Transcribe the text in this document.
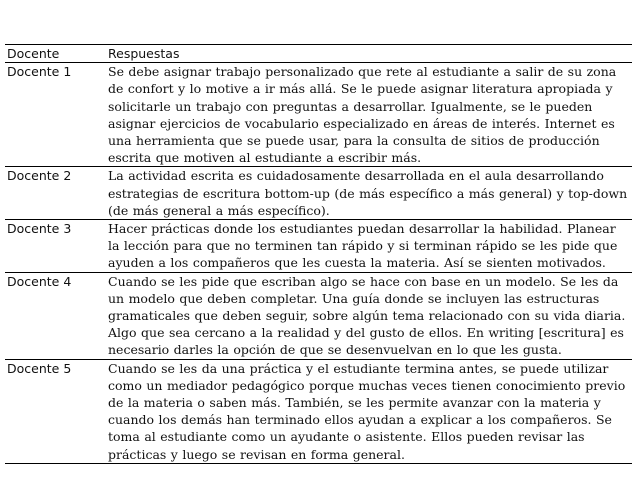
Docente	Respuestas
Docente 1	Se debe asignar trabajo personalizado que rete al estudiante a salir de su zona de confort y lo motive a ir más allá. Se le puede asignar literatura apropiada y solicitarle un trabajo con preguntas a desarrollar. Igualmente, se le pueden asignar ejercicios de vocabulario especializado en áreas de interés. Internet es una herramienta que se puede usar, para la consulta de sitios de producción escrita que motiven al estudiante a escribir más.
Docente 2	La actividad escrita es cuidadosamente desarrollada en el aula desarrollando estrategias de escritura bottom-up (de más específico a más general) y top-down (de más general a más específico).
Docente 3	Hacer prácticas donde los estudiantes puedan desarrollar la habilidad. Planear la lección para que no terminen tan rápido y si terminan rápido se les pide que ayuden a los compañeros que les cuesta la materia. Así se sienten motivados.
Docente 4	Cuando se les pide que escriban algo se hace con base en un modelo. Se les da un modelo que deben completar. Una guía donde se incluyen las estructuras gramaticales que deben seguir, sobre algún tema relacionado con su vida diaria. Algo que sea cercano a la realidad y del gusto de ellos. En writing [escritura] es necesario darles la opción de que se desenvuelvan en lo que les gusta.
Docente 5	Cuando se les da una práctica y el estudiante termina antes, se puede utilizar como un mediador pedagógico porque muchas veces tienen conocimiento previo de la materia o saben más. También, se les permite avanzar con la materia y cuando los demás han terminado ellos ayudan a explicar a los compañeros. Se toma al estudiante como un ayudante o asistente. Ellos pueden revisar las prácticas y luego se revisan en forma general.
